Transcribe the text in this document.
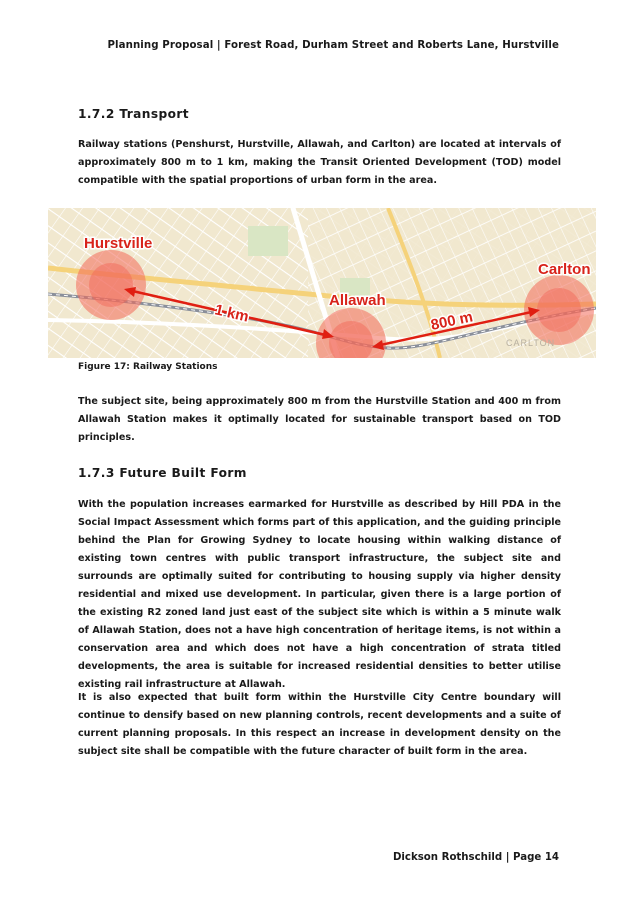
Planning Proposal | Forest Road, Durham Street and Roberts Lane, Hurstville
1.7.2 Transport

Railway stations (Penshurst, Hurstville, Allawah, and Carlton) are located at intervals of approximately 800 m to 1 km, making the Transit Oriented Development (TOD) model compatible with the spatial proportions of urban form in the area.

Hurstville
Allawah
Carlton
1 km	800 m
CARLTON
Figure 17: Railway Stations

The subject site, being approximately 800 m from the Hurstville Station and 400 m from Allawah Station makes it optimally located for sustainable transport based on TOD principles.

1.7.3 Future Built Form

With the population increases earmarked for Hurstville as described by Hill PDA in the Social Impact Assessment which forms part of this application, and the guiding principle behind the Plan for Growing Sydney to locate housing within walking distance of existing town centres with public transport infrastructure, the subject site and surrounds are optimally suited for contributing to housing supply via higher density residential and mixed use development. In particular, given there is a large portion of the existing R2 zoned land just east of the subject site which is within a 5 minute walk of Allawah Station, does not a have high concentration of heritage items, is not within a conservation area and which does not have a high concentration of strata titled developments, the area is suitable for increased residential densities to better utilise existing rail infrastructure at Allawah.

It is also expected that built form within the Hurstville City Centre boundary will continue to densify based on new planning controls, recent developments and a suite of current planning proposals. In this respect an increase in development density on the subject site shall be compatible with the future character of built form in the area.

Dickson Rothschild | Page 14
